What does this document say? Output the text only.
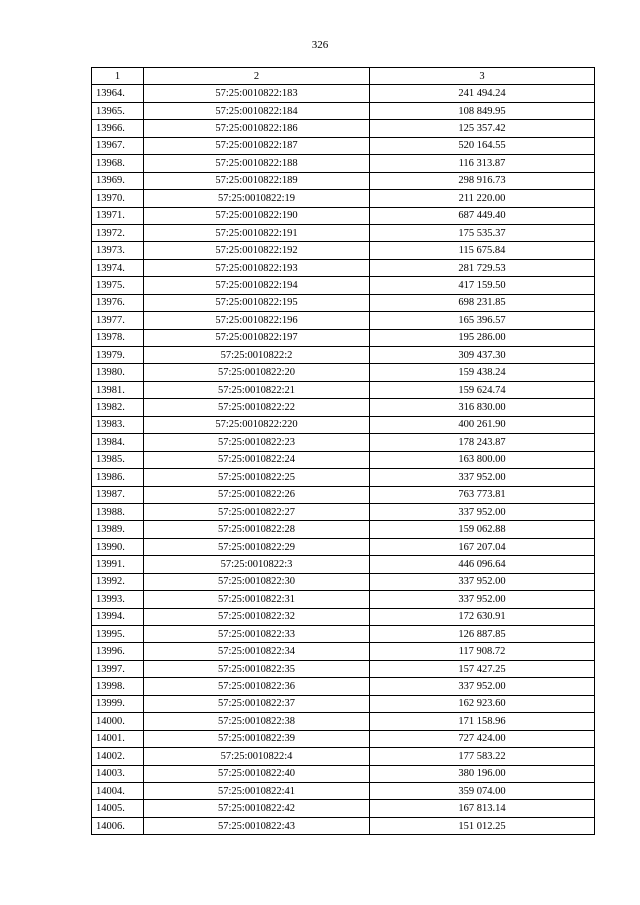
326
1	2	3
13964.	57:25:0010822:183	241 494.24
13965.	57:25:0010822:184	108 849.95
13966.	57:25:0010822:186	125 357.42
13967.	57:25:0010822:187	520 164.55
13968.	57:25:0010822:188	116 313.87
13969.	57:25:0010822:189	298 916.73
13970.	57:25:0010822:19	211 220.00
13971.	57:25:0010822:190	687 449.40
13972.	57:25:0010822:191	175 535.37
13973.	57:25:0010822:192	115 675.84
13974.	57:25:0010822:193	281 729.53
13975.	57:25:0010822:194	417 159.50
13976.	57:25:0010822:195	698 231.85
13977.	57:25:0010822:196	165 396.57
13978.	57:25:0010822:197	195 286.00
13979.	57:25:0010822:2	309 437.30
13980.	57:25:0010822:20	159 438.24
13981.	57:25:0010822:21	159 624.74
13982.	57:25:0010822:22	316 830.00
13983.	57:25:0010822:220	400 261.90
13984.	57:25:0010822:23	178 243.87
13985.	57:25:0010822:24	163 800.00
13986.	57:25:0010822:25	337 952.00
13987.	57:25:0010822:26	763 773.81
13988.	57:25:0010822:27	337 952.00
13989.	57:25:0010822:28	159 062.88
13990.	57:25:0010822:29	167 207.04
13991.	57:25:0010822:3	446 096.64
13992.	57:25:0010822:30	337 952.00
13993.	57:25:0010822:31	337 952.00
13994.	57:25:0010822:32	172 630.91
13995.	57:25:0010822:33	126 887.85
13996.	57:25:0010822:34	117 908.72
13997.	57:25:0010822:35	157 427.25
13998.	57:25:0010822:36	337 952.00
13999.	57:25:0010822:37	162 923.60
14000.	57:25:0010822:38	171 158.96
14001.	57:25:0010822:39	727 424.00
14002.	57:25:0010822:4	177 583.22
14003.	57:25:0010822:40	380 196.00
14004.	57:25:0010822:41	359 074.00
14005.	57:25:0010822:42	167 813.14
14006.	57:25:0010822:43	151 012.25
